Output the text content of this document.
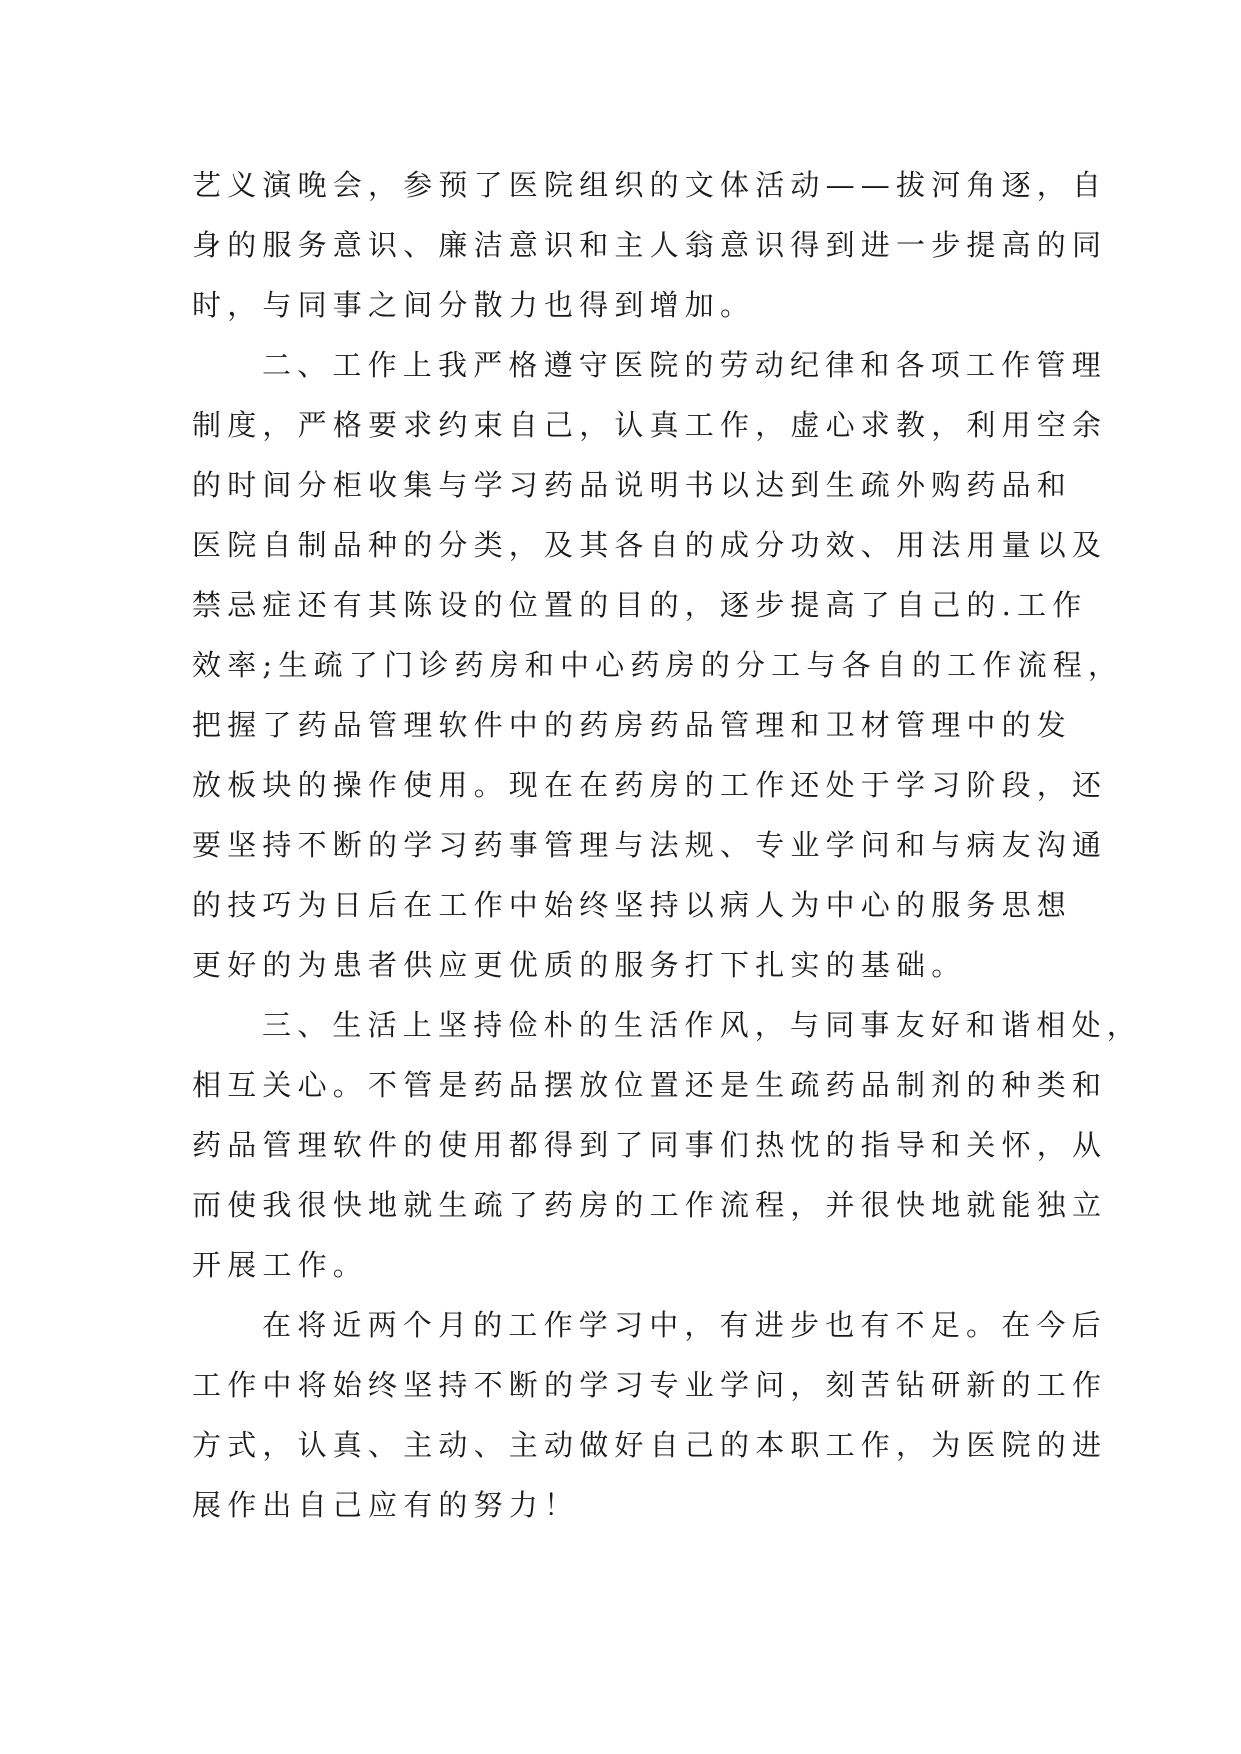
艺义演晚会，参预了医院组织的文体活动——拔河角逐，自
身的服务意识、廉洁意识和主人翁意识得到进一步提高的同
时，与同事之间分散力也得到增加。
二、工作上我严格遵守医院的劳动纪律和各项工作管理
制度，严格要求约束自己，认真工作，虚心求教，利用空余
的时间分柜收集与学习药品说明书以达到生疏外购药品和
医院自制品种的分类，及其各自的成分功效、用法用量以及
禁忌症还有其陈设的位置的目的，逐步提高了自己的.工作
效率;生疏了门诊药房和中心药房的分工与各自的工作流程，
把握了药品管理软件中的药房药品管理和卫材管理中的发
放板块的操作使用。现在在药房的工作还处于学习阶段，还
要坚持不断的学习药事管理与法规、专业学问和与病友沟通
的技巧为日后在工作中始终坚持以病人为中心的服务思想
更好的为患者供应更优质的服务打下扎实的基础。
三、生活上坚持俭朴的生活作风，与同事友好和谐相处，
相互关心。不管是药品摆放位置还是生疏药品制剂的种类和
药品管理软件的使用都得到了同事们热忱的指导和关怀，从
而使我很快地就生疏了药房的工作流程，并很快地就能独立
开展工作。
在将近两个月的工作学习中，有进步也有不足。在今后
工作中将始终坚持不断的学习专业学问，刻苦钻研新的工作
方式，认真、主动、主动做好自己的本职工作，为医院的进
展作出自己应有的努力！
